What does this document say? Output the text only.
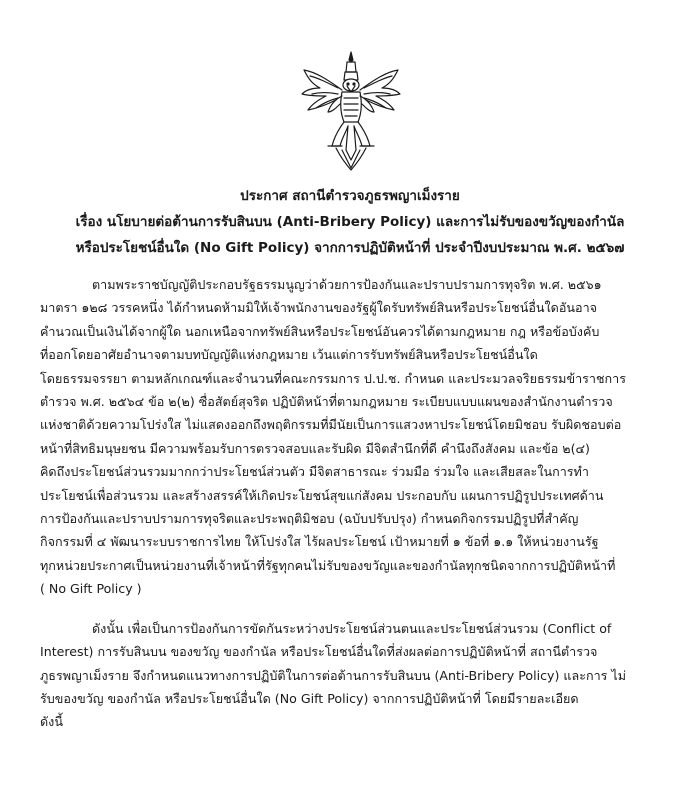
ประกาศ สถานีตำรวจภูธรพญาเม็งราย
เรื่อง นโยบายต่อต้านการรับสินบน (Anti-Bribery Policy) และการไม่รับของขวัญของกำนัล
หรือประโยชน์อื่นใด (No Gift Policy) จากการปฏิบัติหน้าที่ ประจำปีงบประมาณ พ.ศ. ๒๕๖๗

ตามพระราชบัญญัติประกอบรัฐธรรมนูญว่าด้วยการป้องกันและปราบปรามการทุจริต พ.ศ. ๒๕๖๑
มาตรา ๑๒๘ วรรคหนึ่ง ได้กำหนดห้ามมิให้เจ้าพนักงานของรัฐผู้ใดรับทรัพย์สินหรือประโยชน์อื่นใดอันอาจ
คำนวณเป็นเงินได้จากผู้ใด นอกเหนือจากทรัพย์สินหรือประโยชน์อันควรได้ตามกฎหมาย กฎ หรือข้อบังคับ
ที่ออกโดยอาศัยอำนาจตามบทบัญญัติแห่งกฎหมาย เว้นแต่การรับทรัพย์สินหรือประโยชน์อื่นใด
โดยธรรมจรรยา ตามหลักเกณฑ์และจำนวนที่คณะกรรมการ ป.ป.ช. กำหนด และประมวลจริยธรรมข้าราชการ
ตำรวจ พ.ศ. ๒๕๖๔ ข้อ ๒(๒) ซื่อสัตย์สุจริต ปฏิบัติหน้าที่ตามกฎหมาย ระเบียบแบบแผนของสำนักงานตำรวจ
แห่งชาติด้วยความโปร่งใส ไม่แสดงออกถึงพฤติกรรมที่มีนัยเป็นการแสวงหาประโยชน์โดยมิชอบ รับผิดชอบต่อ
หน้าที่สิทธิมนุษยชน มีความพร้อมรับการตรวจสอบและรับผิด มีจิตสำนึกที่ดี คำนึงถึงสังคม และข้อ ๒(๔)
คิดถึงประโยชน์ส่วนรวมมากกว่าประโยชน์ส่วนตัว มีจิตสาธารณะ ร่วมมือ ร่วมใจ และเสียสละในการทำ
ประโยชน์เพื่อส่วนรวม และสร้างสรรค์ให้เกิดประโยชน์สุขแก่สังคม ประกอบกับ แผนการปฏิรูปประเทศด้าน
การป้องกันและปราบปรามการทุจริตและประพฤติมิชอบ (ฉบับปรับปรุง) กำหนดกิจกรรมปฏิรูปที่สำคัญ
กิจกรรมที่ ๔ พัฒนาระบบราชการไทย ให้โปร่งใส ไร้ผลประโยชน์ เป้าหมายที่ ๑ ข้อที่ ๑.๑ ให้หน่วยงานรัฐ
ทุกหน่วยประกาศเป็นหน่วยงานที่เจ้าหน้าที่รัฐทุกคนไม่รับของขวัญและของกำนัลทุกชนิดจากการปฏิบัติหน้าที่
( No Gift Policy )

ดังนั้น เพื่อเป็นการป้องกันการขัดกันระหว่างประโยชน์ส่วนตนและประโยชน์ส่วนรวม (Conflict of
Interest) การรับสินบน ของขวัญ ของกำนัล หรือประโยชน์อื่นใดที่ส่งผลต่อการปฏิบัติหน้าที่ สถานีตำรวจ
ภูธรพญาเม็งราย จึงกำหนดแนวทางการปฏิบัติในการต่อต้านการรับสินบน (Anti-Bribery Policy) และการ ไม่
รับของขวัญ ของกำนัล หรือประโยชน์อื่นใด (No Gift Policy) จากการปฏิบัติหน้าที่ โดยมีรายละเอียด
ดังนี้
